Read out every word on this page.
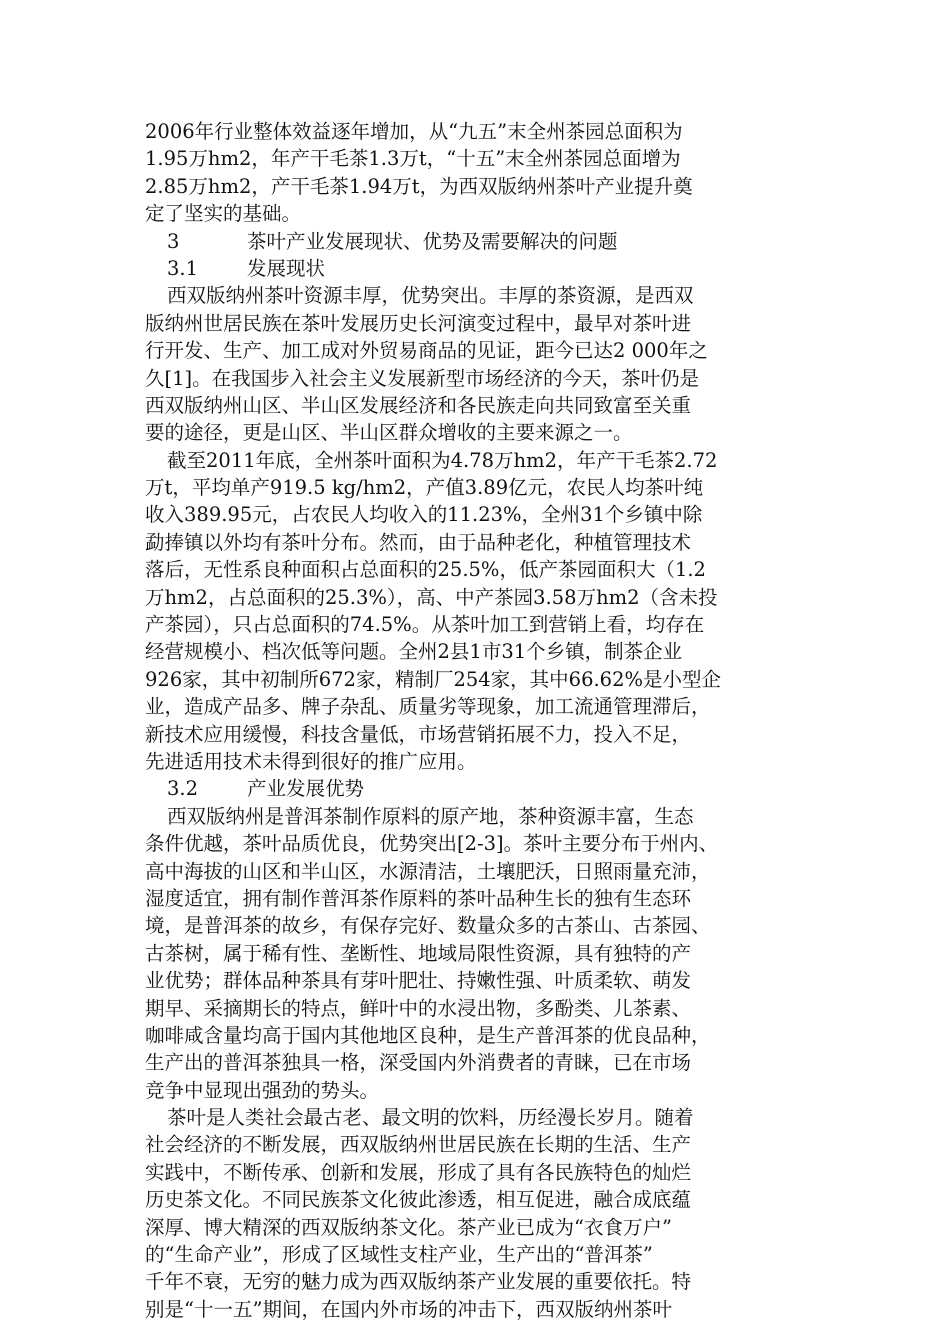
2006年行业整体效益逐年增加，从“九五”末全州茶园总面积为
1.95万hm2，年产干毛茶1.3万t，“十五”末全州茶园总面增为
2.85万hm2，产干毛茶1.94万t，为西双版纳州茶叶产业提升奠
定了坚实的基础。
3	茶叶产业发展现状、优势及需要解决的问题
3.1	发展现状
西双版纳州茶叶资源丰厚，优势突出。丰厚的茶资源，是西双
版纳州世居民族在茶叶发展历史长河演变过程中，最早对茶叶进
行开发、生产、加工成对外贸易商品的见证，距今已达2 000年之
久[1]。在我国步入社会主义发展新型市场经济的今天，茶叶仍是
西双版纳州山区、半山区发展经济和各民族走向共同致富至关重
要的途径，更是山区、半山区群众增收的主要来源之一。
截至2011年底，全州茶叶面积为4.78万hm2，年产干毛茶2.72
万t，平均单产919.5 kg/hm2，产值3.89亿元，农民人均茶叶纯
收入389.95元，占农民人均收入的11.23%，全州31个乡镇中除
勐捧镇以外均有茶叶分布。然而，由于品种老化，种植管理技术
落后，无性系良种面积占总面积的25.5%，低产茶园面积大（1.2
万hm2，占总面积的25.3%），高、中产茶园3.58万hm2（含未投
产茶园），只占总面积的74.5%。从茶叶加工到营销上看，均存在
经营规模小、档次低等问题。全州2县1市31个乡镇，制茶企业
926家，其中初制所672家，精制厂254家，其中66.62%是小型企
业，造成产品多、牌子杂乱、质量劣等现象，加工流通管理滞后，
新技术应用缓慢，科技含量低，市场营销拓展不力，投入不足，
先进适用技术未得到很好的推广应用。
3.2	产业发展优势
西双版纳州是普洱茶制作原料的原产地，茶种资源丰富，生态
条件优越，茶叶品质优良，优势突出[2-3]。茶叶主要分布于州内、
高中海拔的山区和半山区，水源清洁，土壤肥沃，日照雨量充沛，
湿度适宜，拥有制作普洱茶作原料的茶叶品种生长的独有生态环
境，是普洱茶的故乡，有保存完好、数量众多的古茶山、古茶园、
古茶树，属于稀有性、垄断性、地域局限性资源，具有独特的产
业优势；群体品种茶具有芽叶肥壮、持嫩性强、叶质柔软、萌发
期早、采摘期长的特点，鲜叶中的水浸出物，多酚类、儿茶素、
咖啡咸含量均高于国内其他地区良种，是生产普洱茶的优良品种，
生产出的普洱茶独具一格，深受国内外消费者的青睐，已在市场
竞争中显现出强劲的势头。
茶叶是人类社会最古老、最文明的饮料，历经漫长岁月。随着
社会经济的不断发展，西双版纳州世居民族在长期的生活、生产
实践中，不断传承、创新和发展，形成了具有各民族特色的灿烂
历史茶文化。不同民族茶文化彼此渗透，相互促进，融合成底蕴
深厚、博大精深的西双版纳茶文化。茶产业已成为“衣食万户”
的“生命产业”，形成了区域性支柱产业，生产出的“普洱茶”
千年不衰，无穷的魅力成为西双版纳茶产业发展的重要依托。特
别是“十一五”期间，在国内外市场的冲击下，西双版纳州茶叶
